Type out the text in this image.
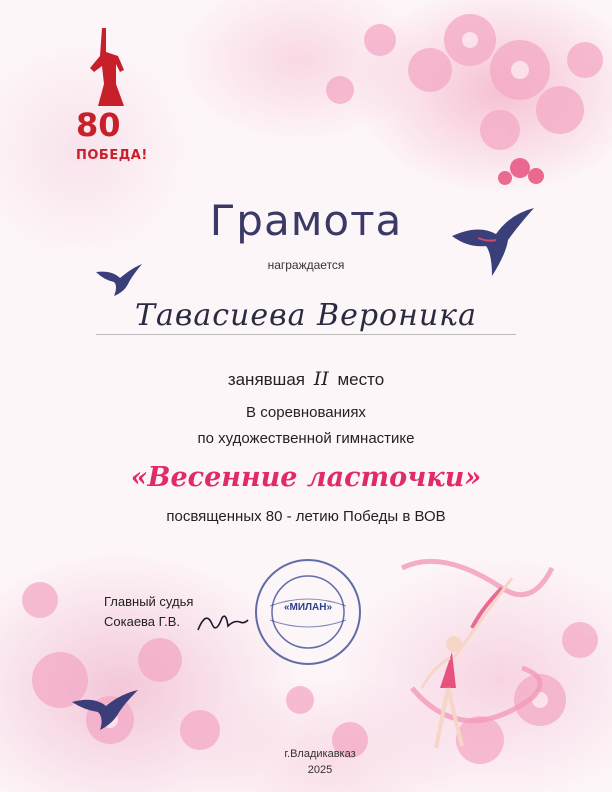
80
ПОБЕДА!
Грамота
награждается
Тавасиева Вероника
занявшая II место
В соревнованиях
по художественной гимнастике
«Весенние ласточки»
посвященных 80 - летию Победы в ВОВ
Главный судья
Сокаева Г.В.
«МИЛАН»
г.Владикавказ
2025
